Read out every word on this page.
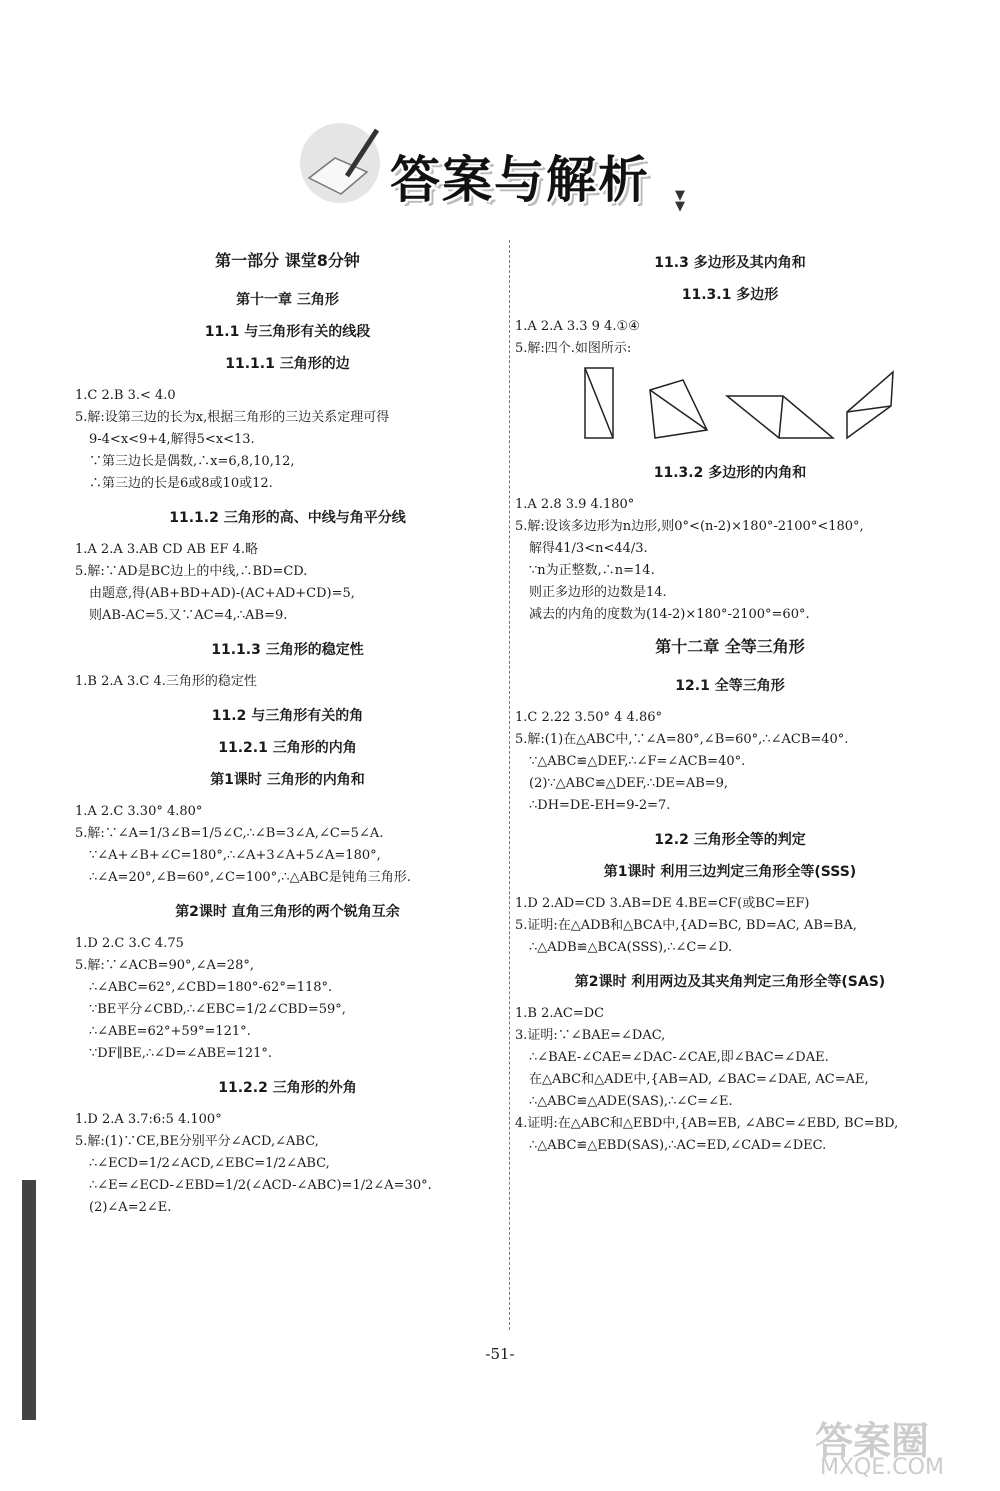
答案与解析 ▼
▼
第一部分 课堂8分钟
第十一章 三角形
11.1 与三角形有关的线段
11.1.1 三角形的边
1.C 2.B 3.< 4.0
5.解:设第三边的长为x,根据三角形的三边关系定理可得
9-4<x<9+4,解得5<x<13.
∵第三边长是偶数,∴x=6,8,10,12,
∴第三边的长是6或8或10或12.
11.1.2 三角形的高、中线与角平分线
1.A 2.A 3.AB CD AB EF 4.略
5.解:∵AD是BC边上的中线,∴BD=CD.
由题意,得(AB+BD+AD)-(AC+AD+CD)=5,
则AB-AC=5.又∵AC=4,∴AB=9.
11.1.3 三角形的稳定性
1.B 2.A 3.C 4.三角形的稳定性
11.2 与三角形有关的角
11.2.1 三角形的内角
第1课时 三角形的内角和
1.A 2.C 3.30° 4.80°
5.解:∵∠A=1/3∠B=1/5∠C,∴∠B=3∠A,∠C=5∠A.
∵∠A+∠B+∠C=180°,∴∠A+3∠A+5∠A=180°,
∴∠A=20°,∠B=60°,∠C=100°,∴△ABC是钝角三角形.
第2课时 直角三角形的两个锐角互余
1.D 2.C 3.C 4.75
5.解:∵∠ACB=90°,∠A=28°,
∴∠ABC=62°,∠CBD=180°-62°=118°.
∵BE平分∠CBD,∴∠EBC=1/2∠CBD=59°,
∴∠ABE=62°+59°=121°.
∵DF∥BE,∴∠D=∠ABE=121°.
11.2.2 三角形的外角
1.D 2.A 3.7:6:5 4.100°
5.解:(1)∵CE,BE分别平分∠ACD,∠ABC,
∴∠ECD=1/2∠ACD,∠EBC=1/2∠ABC,
∴∠E=∠ECD-∠EBD=1/2(∠ACD-∠ABC)=1/2∠A=30°.
(2)∠A=2∠E.
11.3 多边形及其内角和
11.3.1 多边形
1.A 2.A 3.3 9 4.①④
5.解:四个.如图所示:
11.3.2 多边形的内角和
1.A 2.8 3.9 4.180°
5.解:设该多边形为n边形,则0°<(n-2)×180°-2100°<180°,
解得41/3<n<44/3.
∵n为正整数,∴n=14.
则正多边形的边数是14.
减去的内角的度数为(14-2)×180°-2100°=60°.
第十二章 全等三角形
12.1 全等三角形
1.C 2.22 3.50° 4 4.86°
5.解:(1)在△ABC中,∵∠A=80°,∠B=60°,∴∠ACB=40°.
∵△ABC≌△DEF,∴∠F=∠ACB=40°.
(2)∵△ABC≌△DEF,∴DE=AB=9,
∴DH=DE-EH=9-2=7.
12.2 三角形全等的判定
第1课时 利用三边判定三角形全等(SSS)
1.D 2.AD=CD 3.AB=DE 4.BE=CF(或BC=EF)
5.证明:在△ADB和△BCA中,{AD=BC, BD=AC, AB=BA,
∴△ADB≌△BCA(SSS),∴∠C=∠D.
第2课时 利用两边及其夹角判定三角形全等(SAS)
1.B 2.AC=DC
3.证明:∵∠BAE=∠DAC,
∴∠BAE-∠CAE=∠DAC-∠CAE,即∠BAC=∠DAE.
在△ABC和△ADE中,{AB=AD, ∠BAC=∠DAE, AC=AE,
∴△ABC≌△ADE(SAS),∴∠C=∠E.
4.证明:在△ABC和△EBD中,{AB=EB, ∠ABC=∠EBD, BC=BD,
∴△ABC≌△EBD(SAS),∴AC=ED,∠CAD=∠DEC.
-51-
答案圈
MXQE.COM
